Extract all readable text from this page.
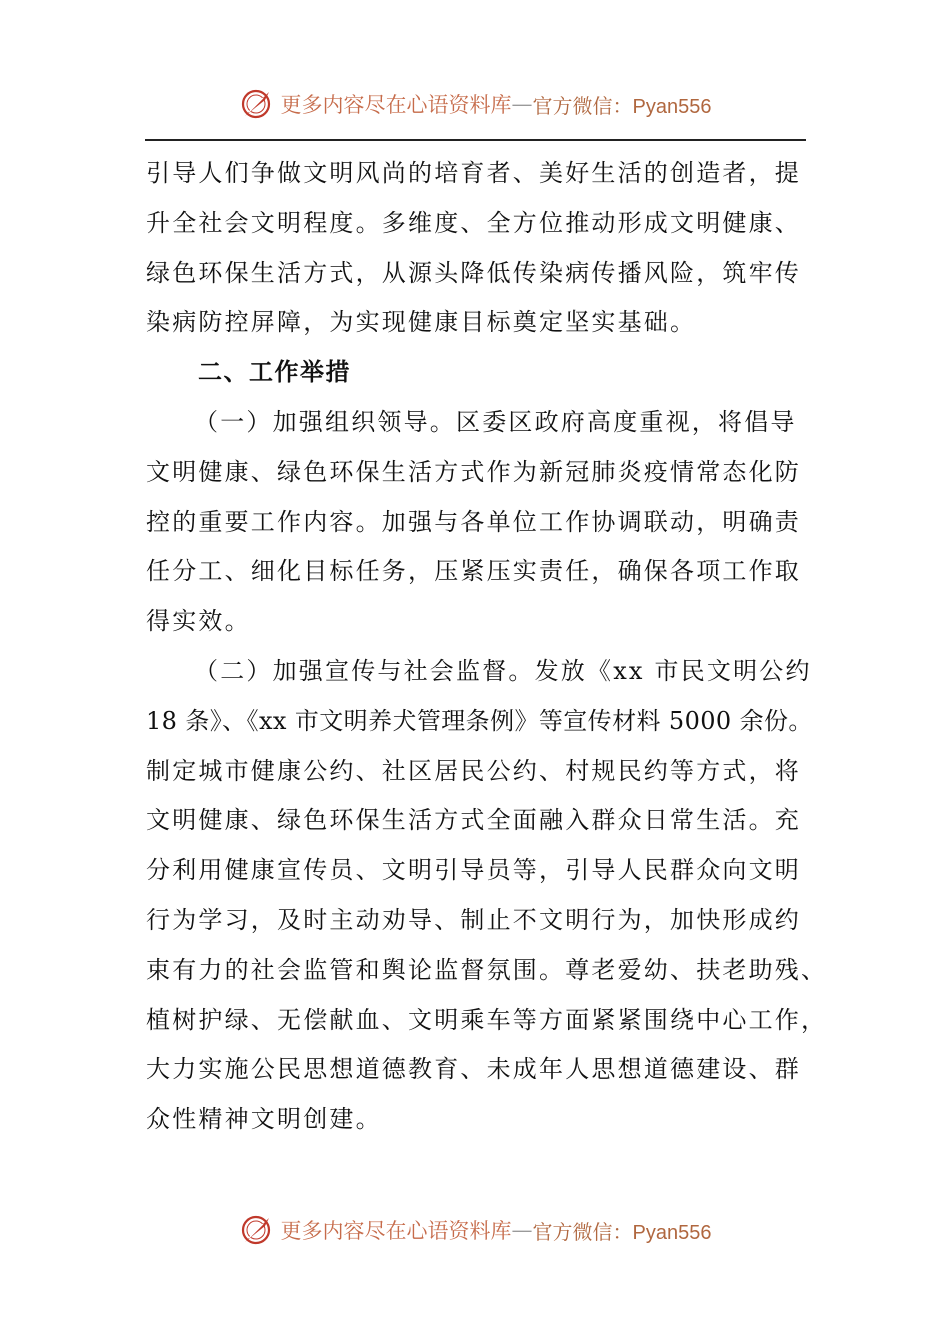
更多内容尽在心语资料库 — 官方微信：Pyan556
引导人们争做文明风尚的培育者、美好生活的创造者，提
升全社会文明程度。多维度、全方位推动形成文明健康、
绿色环保生活方式，从源头降低传染病传播风险，筑牢传
染病防控屏障，为实现健康目标奠定坚实基础。
二、工作举措
（一）加强组织领导。区委区政府高度重视，将倡导
文明健康、绿色环保生活方式作为新冠肺炎疫情常态化防
控的重要工作内容。加强与各单位工作协调联动，明确责
任分工、细化目标任务，压紧压实责任，确保各项工作取
得实效。
（二）加强宣传与社会监督。发放《xx 市民文明公约
18 条》、《xx 市文明养犬管理条例》等宣传材料 5000 余份。
制定城市健康公约、社区居民公约、村规民约等方式，将
文明健康、绿色环保生活方式全面融入群众日常生活。充
分利用健康宣传员、文明引导员等，引导人民群众向文明
行为学习，及时主动劝导、制止不文明行为，加快形成约
束有力的社会监管和舆论监督氛围。尊老爱幼、扶老助残、
植树护绿、无偿献血、文明乘车等方面紧紧围绕中心工作，
大力实施公民思想道德教育、未成年人思想道德建设、群
众性精神文明创建。
更多内容尽在心语资料库 — 官方微信：Pyan556
